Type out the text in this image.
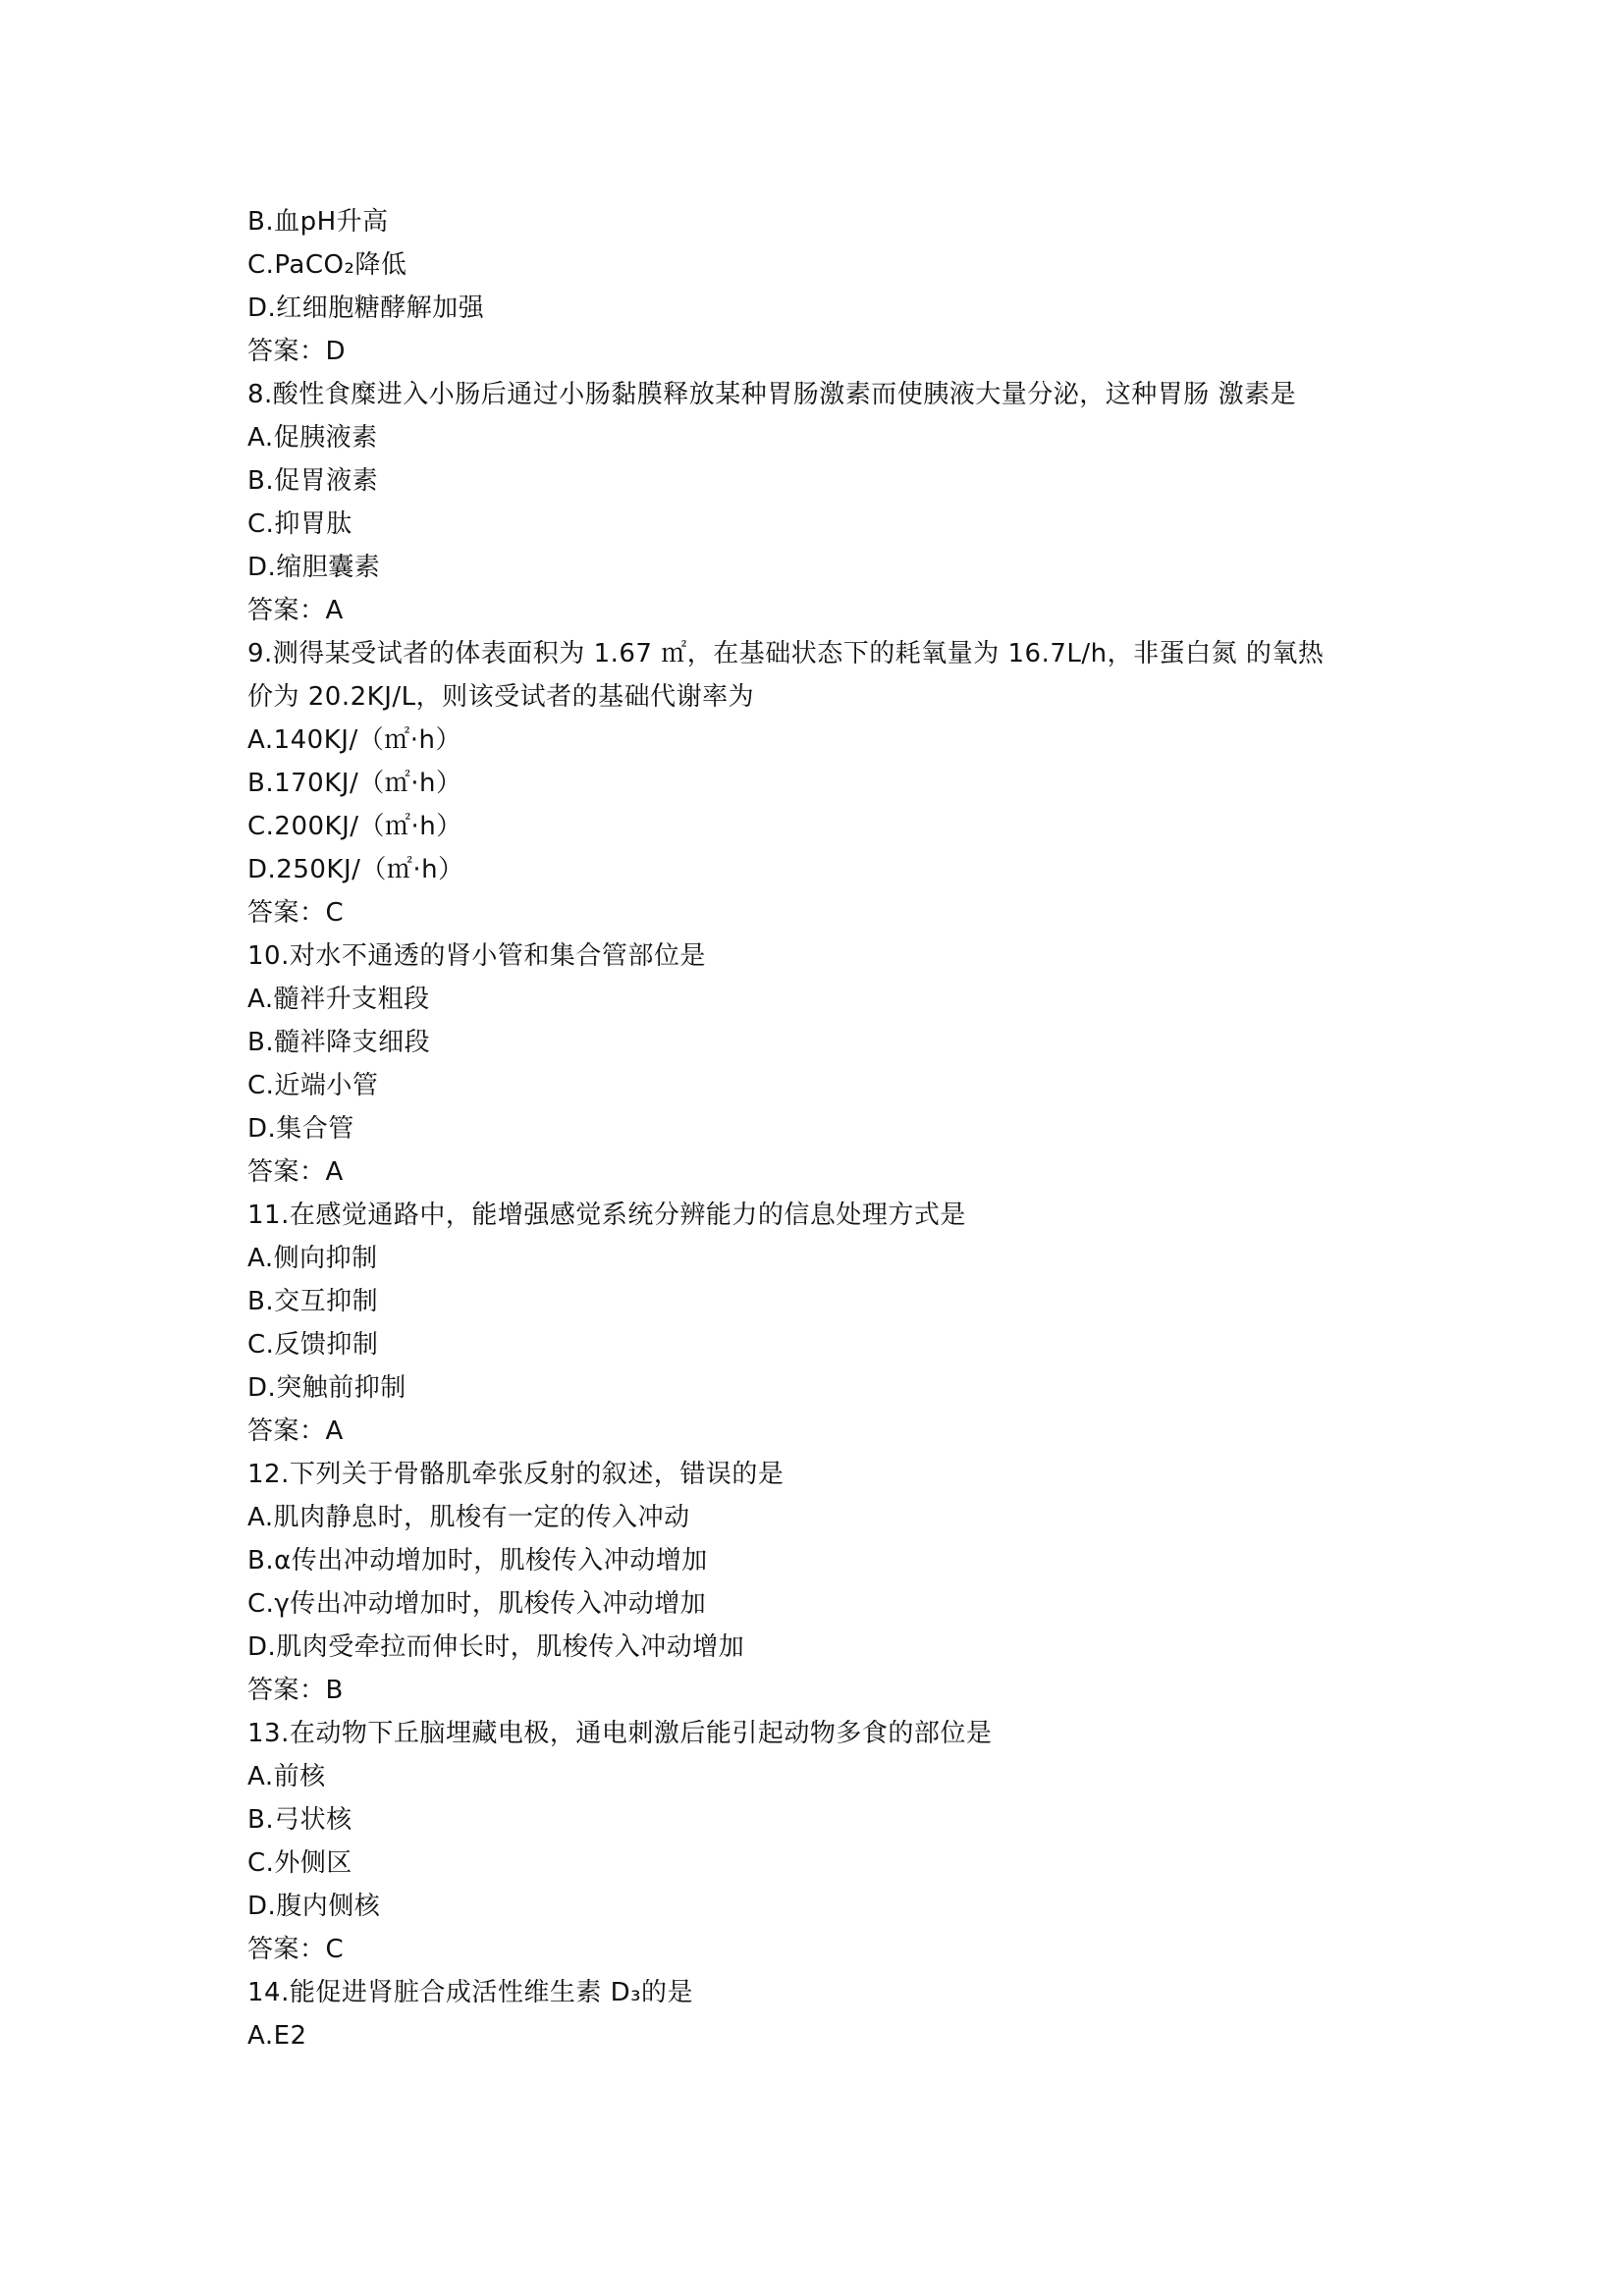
B.血pH升高
C.PaCO₂降低
D.红细胞糖酵解加强
答案：D
8.酸性食糜进入小肠后通过小肠黏膜释放某种胃肠激素而使胰液大量分泌，这种胃肠 激素是
A.促胰液素
B.促胃液素
C.抑胃肽
D.缩胆囊素
答案：A
9.测得某受试者的体表面积为 1.67 ㎡，在基础状态下的耗氧量为 16.7L/h，非蛋白氮 的氧热
价为 20.2KJ/L，则该受试者的基础代谢率为
A.140KJ/（㎡·h）
B.170KJ/（㎡·h）
C.200KJ/（㎡·h）
D.250KJ/（㎡·h）
答案：C
10.对水不通透的肾小管和集合管部位是
A.髓袢升支粗段
B.髓袢降支细段
C.近端小管
D.集合管
答案：A
11.在感觉通路中，能增强感觉系统分辨能力的信息处理方式是
A.侧向抑制
B.交互抑制
C.反馈抑制
D.突触前抑制
答案：A
12.下列关于骨骼肌牵张反射的叙述，错误的是
A.肌肉静息时，肌梭有一定的传入冲动
B.α传出冲动增加时，肌梭传入冲动增加
C.γ传出冲动增加时，肌梭传入冲动增加
D.肌肉受牵拉而伸长时，肌梭传入冲动增加
答案：B
13.在动物下丘脑埋藏电极，通电刺激后能引起动物多食的部位是
A.前核
B.弓状核
C.外侧区
D.腹内侧核
答案：C
14.能促进肾脏合成活性维生素 D₃的是
A.E2
